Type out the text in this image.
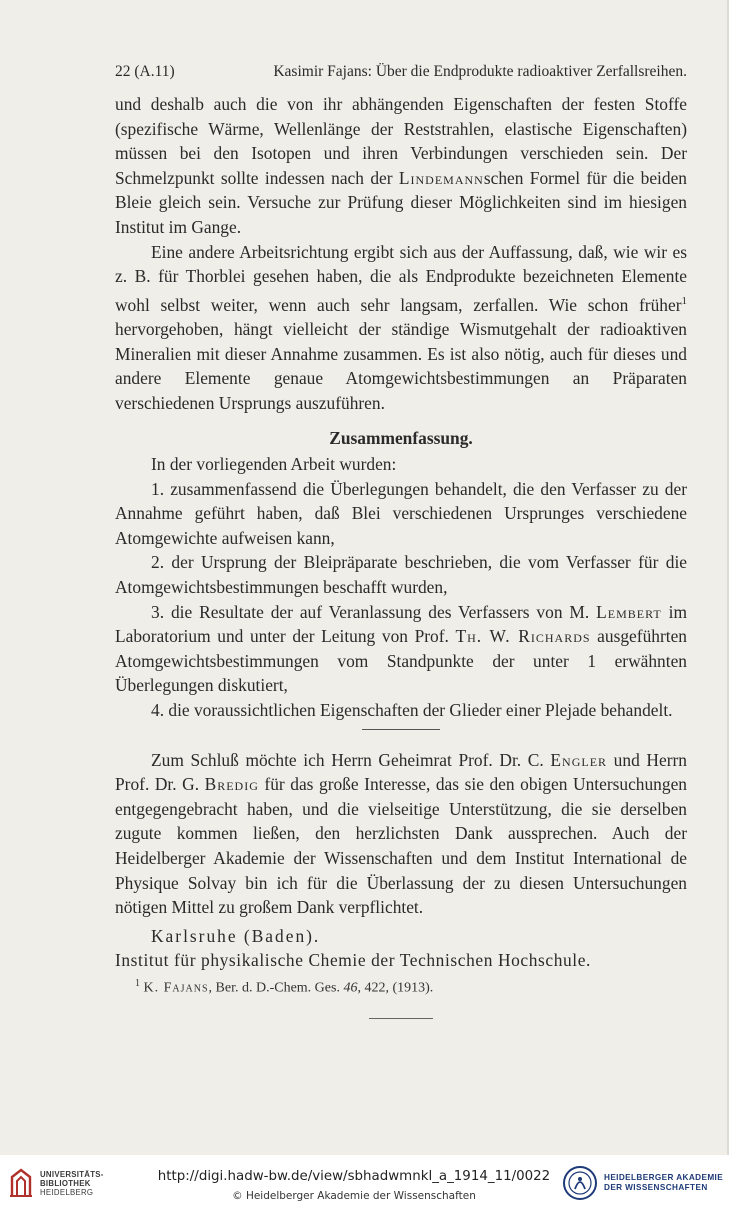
22 (A.11)	Kasimir Fajans: Über die Endprodukte radioaktiver Zerfallsreihen.

und deshalb auch die von ihr abhängenden Eigenschaften der festen Stoffe (spezifische Wärme, Wellenlänge der Reststrahlen, elastische Eigenschaften) müssen bei den Isotopen und ihren Verbindungen verschieden sein. Der Schmelzpunkt sollte indessen nach der Lindemannschen Formel für die beiden Bleie gleich sein. Versuche zur Prüfung dieser Möglichkeiten sind im hiesigen Institut im Gange.

Eine andere Arbeitsrichtung ergibt sich aus der Auffassung, daß, wie wir es z. B. für Thorblei gesehen haben, die als Endprodukte bezeichneten Elemente wohl selbst weiter, wenn auch sehr langsam, zerfallen. Wie schon früher$^1$ hervorgehoben, hängt vielleicht der ständige Wismutgehalt der radioaktiven Mineralien mit dieser Annahme zusammen. Es ist also nötig, auch für dieses und andere Elemente genaue Atomgewichtsbestimmungen an Präparaten verschiedenen Ursprungs auszuführen.

Zusammenfassung.

In der vorliegenden Arbeit wurden:

1. zusammenfassend die Überlegungen behandelt, die den Verfasser zu der Annahme geführt haben, daß Blei verschiedenen Ursprunges verschiedene Atomgewichte aufweisen kann,

2. der Ursprung der Bleipräparate beschrieben, die vom Verfasser für die Atomgewichtsbestimmungen beschafft wurden,

3. die Resultate der auf Veranlassung des Verfassers von M. Lembert im Laboratorium und unter der Leitung von Prof. Th. W. Richards ausgeführten Atomgewichtsbestimmungen vom Standpunkte der unter 1 erwähnten Überlegungen diskutiert,

4. die voraussichtlichen Eigenschaften der Glieder einer Plejade behandelt.

Zum Schluß möchte ich Herrn Geheimrat Prof. Dr. C. Engler und Herrn Prof. Dr. G. Bredig für das große Interesse, das sie den obigen Untersuchungen entgegengebracht haben, und die vielseitige Unterstützung, die sie derselben zugute kommen ließen, den herzlichsten Dank aussprechen. Auch der Heidelberger Akademie der Wissenschaften und dem Institut International de Physique Solvay bin ich für die Überlassung der zu diesen Untersuchungen nötigen Mittel zu großem Dank verpflichtet.

Karlsruhe (Baden).

Institut für physikalische Chemie der Technischen Hochschule.

$^1$ K. Fajans, Ber. d. D.-Chem. Ges. 46, 422, (1913).
UNIVERSITÄTS-
BIBLIOTHEK
HEIDELBERG
http://digi.hadw-bw.de/view/sbhadwmnkl_a_1914_11/0022
© Heidelberger Akademie der Wissenschaften
HEIDELBERGER AKADEMIE
DER WISSENSCHAFTEN
